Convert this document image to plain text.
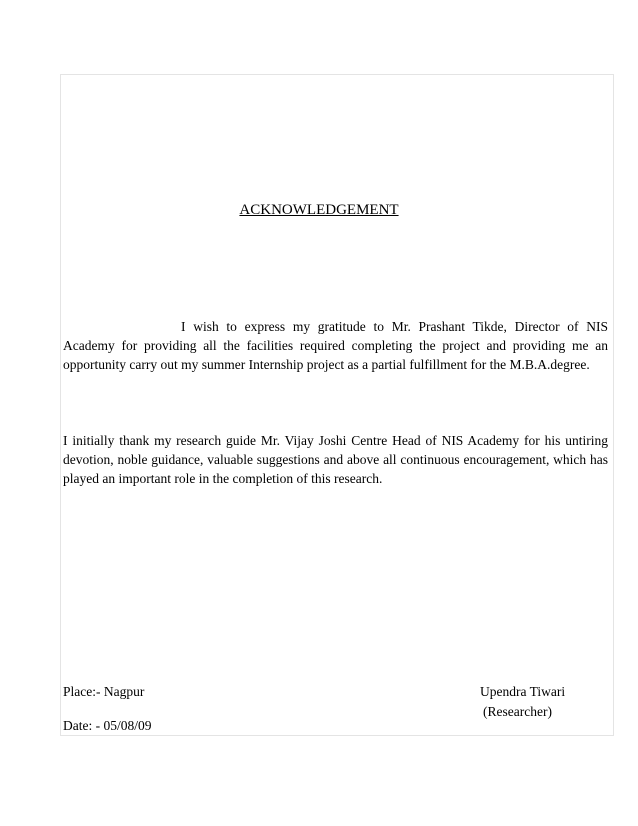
ACKNOWLEDGEMENT

I wish to express my gratitude to Mr. Prashant Tikde, Director of NIS Academy for providing all the facilities required completing the project and providing me an opportunity carry out my summer Internship project as a partial fulfillment for the M.B.A.degree.

I initially thank my research guide Mr. Vijay Joshi Centre Head of NIS Academy for his untiring devotion, noble guidance, valuable suggestions and above all continuous encouragement, which has played an important role in the completion of this research.

Place:- Nagpur
Date: - 05/08/09
Upendra Tiwari
(Researcher)
